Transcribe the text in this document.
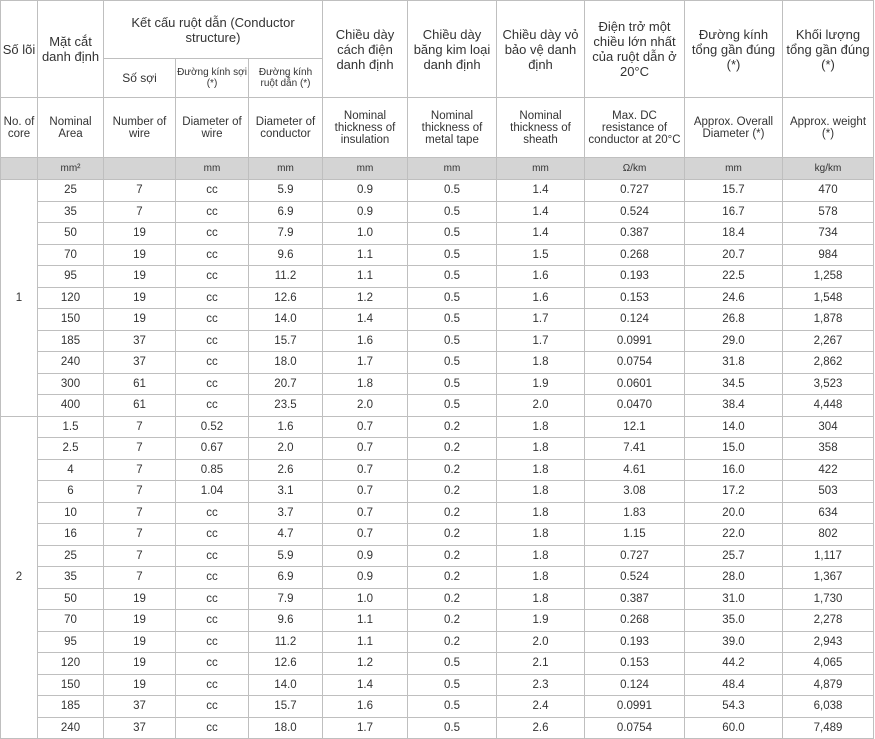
Số lõi	Mặt cắt danh định	Kết cấu ruột dẫn (Conductor structure)			Chiều dày cách điện danh định	Chiều dày băng kim loại danh định	Chiều dày vỏ bảo vệ danh định	Điện trở một chiều lớn nhất của ruột dẫn ở 20°C	Đường kính tổng gần đúng (*)	Khối lượng tổng gần đúng (*)
		Số sợi	Đường kính sợi (*)	Đường kính ruột dẫn (*)						
No. of core	Nominal Area	Number of wire	Diameter of wire	Diameter of conductor	Nominal thickness of insulation	Nominal thickness of metal tape	Nominal thickness of sheath	Max. DC resistance of conductor at 20°C	Approx. Overall Diameter (*)	Approx. weight (*)
	mm²		mm	mm	mm	mm	mm	Ω/km	mm	kg/km
1	25	7	cc	5.9	0.9	0.5	1.4	0.727	15.7	470
	35	7	cc	6.9	0.9	0.5	1.4	0.524	16.7	578
	50	19	cc	7.9	1.0	0.5	1.4	0.387	18.4	734
	70	19	cc	9.6	1.1	0.5	1.5	0.268	20.7	984
	95	19	cc	11.2	1.1	0.5	1.6	0.193	22.5	1,258
	120	19	cc	12.6	1.2	0.5	1.6	0.153	24.6	1,548
	150	19	cc	14.0	1.4	0.5	1.7	0.124	26.8	1,878
	185	37	cc	15.7	1.6	0.5	1.7	0.0991	29.0	2,267
	240	37	cc	18.0	1.7	0.5	1.8	0.0754	31.8	2,862
	300	61	cc	20.7	1.8	0.5	1.9	0.0601	34.5	3,523
	400	61	cc	23.5	2.0	0.5	2.0	0.0470	38.4	4,448
2	1.5	7	0.52	1.6	0.7	0.2	1.8	12.1	14.0	304
	2.5	7	0.67	2.0	0.7	0.2	1.8	7.41	15.0	358
	4	7	0.85	2.6	0.7	0.2	1.8	4.61	16.0	422
	6	7	1.04	3.1	0.7	0.2	1.8	3.08	17.2	503
	10	7	cc	3.7	0.7	0.2	1.8	1.83	20.0	634
	16	7	cc	4.7	0.7	0.2	1.8	1.15	22.0	802
	25	7	cc	5.9	0.9	0.2	1.8	0.727	25.7	1,117
	35	7	cc	6.9	0.9	0.2	1.8	0.524	28.0	1,367
	50	19	cc	7.9	1.0	0.2	1.8	0.387	31.0	1,730
	70	19	cc	9.6	1.1	0.2	1.9	0.268	35.0	2,278
	95	19	cc	11.2	1.1	0.2	2.0	0.193	39.0	2,943
	120	19	cc	12.6	1.2	0.5	2.1	0.153	44.2	4,065
	150	19	cc	14.0	1.4	0.5	2.3	0.124	48.4	4,879
	185	37	cc	15.7	1.6	0.5	2.4	0.0991	54.3	6,038
	240	37	cc	18.0	1.7	0.5	2.6	0.0754	60.0	7,489
